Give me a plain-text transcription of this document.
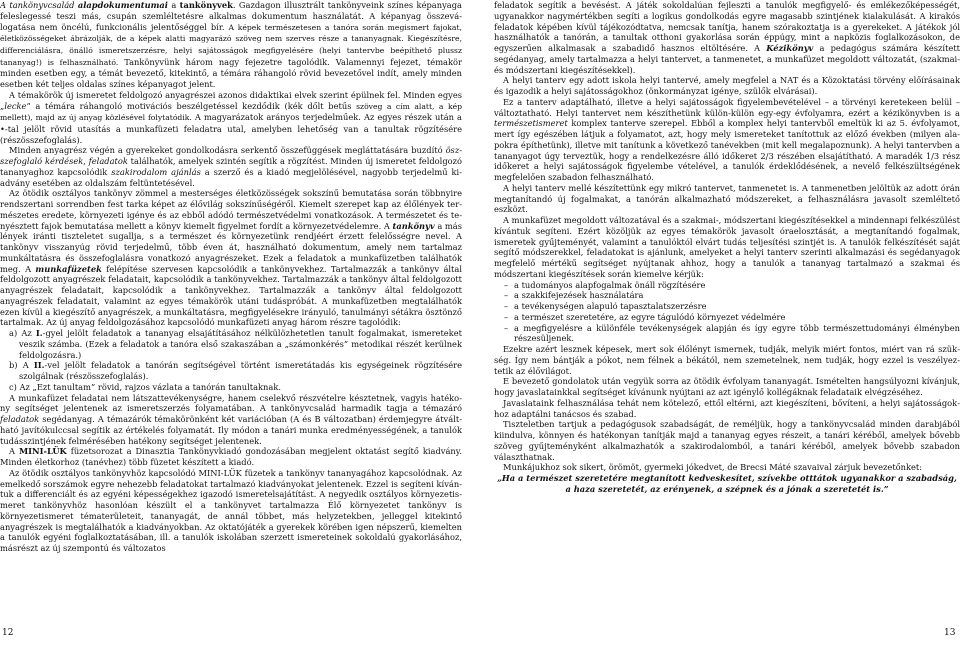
A tankönyvcsalád alapdokumentumai a tankönyvek. Gazdagon illusztrált tankönyveink színes képanyaga feleslegessé teszi más, csupán szemléltetésre alkalmas dokumentum használatát. A képanyag összeválogatása nem öncélú, funkcionális jelentőséggel bír. A képek természetesen a tanóra során megismert fajokat, életközösségeket ábrázolják, de a képek alatti magyarázó szöveg nem szerves része a tananyagnak. Kiegészítésre, differenciálásra, önálló ismeretszerzésre, helyi sajátosságok megfigyelésére (helyi tantervbe beépíthető plussz tananyag!) is felhasználható. Tankönyvünk három nagy fejezetre tagolódik. Valamennyi fejezet, témakör minden esetben egy, a témát bevezető, kitekintő, a témára ráhangoló rövid bevezetővel indít, amely minden esetben két teljes oldalas színes képanyagot jelent.

A témakörök új ismeretet feldolgozó anyagrészei azonos didaktikai elvek szerint épülnek fel. Minden egyes „lecke” a témára ráhangoló motivációs beszélgetéssel kezdődik (kék dőlt betűs szöveg a cím alatt, a kép mellett), majd az új anyag közlésével folytatódik. A magyarázatok arányos terjedelműek. Az egyes részek után a •-tal jelölt rövid utasítás a munkafüzeti feladatra utal, amelyben lehetőség van a tanultak rögzítésére (részösszefoglalás).

Minden anyagrész végén a gyerekeket gondolkodásra serkentő összefüggések megláttatására buzdító öszszefoglaló kérdések, feladatok találhatók, amelyek szintén segítik a rögzítést. Minden új ismeretet feldolgozó tananyaghoz kapcsolódik szakirodalom ajánlás a szerző és a kiadó megjelölésével, nagyobb terjedelmű kiadvány esetében az oldalszám feltüntetésével.

Az ötödik osztályos tankönyv zömmel a mesterséges életközösségek sokszínű bemutatása során többnyire rendszertani sorrendben fest tarka képet az élővilág sokszínűségéről. Kiemelt szerepet kap az élőlények természetes eredete, környezeti igénye és az ebből adódó természetvédelmi vonatkozások. A természetet és tenyésztett fajok bemutatása mellett a könyv kiemelt figyelmet fordít a környezetvédelemre. A tankönyv a más lények iránti tiszteletet sugallja, s a természet és környezetünk rendjéért érzett felelősségre nevel. A tankönyv visszanyúg rövid terjedelmű, több éven át, használható dokumentum, amely nem tartalmaz munkáltatásra és összefoglalásra vonatkozó anyagrészeket. Ezek a feladatok a munkafüzetben találhatók meg. A munkafüzetek felépítése szervesen kapcsolódik a tankönyvekhez. Tartalmazzák a tankönyv által feldolgozott anyagrészek feladatait, kapcsolódik a tankönyvekhez. Tartalmazzák a tankönyv által feldolgozott anyagrészek feladatait, kapcsolódik a tankönyvekhez. Tartalmazzák a tankönyv által feldolgozott anyagrészek feladatait, valamint az egyes témakörök utáni tudáspróbát. A munkafüzetben megtalálhatók ezen kívül a kiegészítő anyagrészek, a munkáltatásra, megfigyelésekre irányuló, tanulmányi sétákra ösztönző tartalmak. Az új anyag feldolgozásához kapcsolódó munkafüzeti anyag három részre tagolódik:

a) Az I.-gyel jelölt feladatok a tananyag elsajátításához nélkülözhetetlen tanult fogalmakat, ismereteket veszik számba. (Ezek a feladatok a tanóra első szakaszában a „számonkérés” metodikai részét kerülnek feldolgozásra.)
b) A II.-vel jelölt feladatok a tanórán segítségével történt ismeretátadás kis egységeinek rögzítésére szolgálnak (részösszefoglalás).
c) Az „Ezt tanultam” rövid, rajzos vázlata a tanórán tanultaknak.

A munkafüzet feladatai nem látszattevékenységre, hanem cselekvő részvételre késztetnek, vagyis hatékony segítséget jelentenek az ismeretszerzés folyamatában. A tankönyvcsalád harmadik tagja a témazáró feladatok segédanyag. A témazárók témakörönként két variációban (A és B változatban) érdemjegyre átváltható javítókulccsal segítik az értékelés folyamatát. Ily módon a tanári munka eredményességének, a tanulók tudásszintjének felmérésében hatékony segítséget jelentenek.

A MINI-LÜK füzetsorozat a Dinasztia Tankönyvkiadó gondozásában megjelent oktatást segítő kiadvány. Minden életkorhoz (tanévhez) több füzetet készített a kiadó.

Az ötödik osztályos tankönyvhöz kapcsolódó MINI-LÜK füzetek a tankönyv tananyagához kapcsolódnak. Az emelkedő sorszámok egyre nehezebb feladatokat tartalmazó kiadványokat jelentenek. Ezzel is segíteni kívántuk a differenciált és az egyéni képességekhez igazodó ismeretelsajátítást. A negyedik osztályos környezetismeret tankönyvhöz hasonlóan készült el a tankönyvet tartalmazza Élő környezetet tankönyv is környezetismeret tématerületeit, tananyagát, de annál többet, más helyzetekben, jelleggel kitekintő anyagrészek is megtalálhatók a kiadványokban. Az oktatójáték a gyerekek körében igen népszerű, kiemelten a tanulók egyéni foglalkoztatásában, ill. a tanulók iskolában szerzett ismereteinek sokoldalú gyakorlásához, másrészt az új szempontú és változatos

feladatok segítik a bevésést. A játék sokoldalúan fejleszti a tanulók megfigyelő- és emlékezőképességét, ugyanakkor nagymértékben segíti a logikus gondolkodás egyre magasabb szintjének kialakulását. A kirakós feladatok képében kívül tájékozódtatva, nemcsak tanítja, hanem szórakoztatja is a gyerekeket. A játékok jól használhatók a tanórán, a tanultak otthoni gyakorlása során éppúgy, mint a napközis foglalkozásokon, de egyszerűen alkalmasak a szabadidő hasznos eltöltésére. A Kézikönyv a pedagógus számára készített segédanyag, amely tartalmazza a helyi tantervet, a tanmenetet, a munkafüzet megoldott változatát, (szakmai- és módszertani kiegészítésekkel).

A helyi tanterv egy adott iskola helyi tantervé, amely megfelel a NAT és a Közoktatási törvény előírásainak és igazodik a helyi sajátosságokhoz (önkormányzat igénye, szülők elvárásai).

Ez a tanterv adaptálható, illetve a helyi sajátosságok figyelembevételével – a törvényi keretekeen belül – változtatható. Helyi tantervet nem készíthetünk külön-külön egy-egy évfolyamra, ezért a kézikönyvben is a természetismeret komplex tanterve szerepel. Ebből a komplex helyi tantervből emeltük ki az 5. évfolyamot, mert így egészében látjuk a folyamatot, azt, hogy mely ismereteket tanítottuk az előző években (milyen alapokra építhetünk), illetve mit tanítunk a következő tanévekben (mit kell megalapoznunk). A helyi tantervben a tananyagot úgy terveztük, hogy a rendelkezésre álló időkeret 2/3 részében elsajátítható. A maradék 1/3 rész időkeret a helyi sajátosságok figyelembe vételével, a tanulók érdeklődésének, a nevelő felkészültségének megfelelően szabadon felhasználható.

A helyi tanterv mellé készítettünk egy mikró tantervet, tanmenetet is. A tanmenetben jelöltük az adott órán megtanítandó új fogalmakat, a tanórán alkalmazható módszereket, a felhasználásra javasolt szemléltető eszközt.

A munkafüzet megoldott változatával és a szakmai-, módszertani kiegészítésekkel a mindennapi felkészülést kívántuk segíteni. Ezért közöljük az egyes témakörök javasolt óraelosztását, a megtanítandó fogalmak, ismeretek gyűjteményét, valamint a tanulóktól elvárt tudás teljesítési szintjét is. A tanulók felkészítését saját segítő módszerekkel, feladatokat is ajánlunk, amelyeket a helyi tanterv szerinti alkalmazási és segédanyagok megfelelő mértékű segítséget nyújtanak ahhoz, hogy a tanulók a tananyag tartalmazó a szakmai és módszertani kiegészítések során kiemelve kérjük:

– a tudományos alapfogalmak önáll rögzítésére
– a szakkifejezések használatára
– a tevékenységen alapuló tapasztalatszerzésre
– a természet szeretetére, az egyre tágulódó környezet védelmére
– a megfigyelésre a különféle tevékenységek alapján és így egyre több természettudományi élményben részesüljenek.

Ezekre azért lesznek képesek, mert sok élőlényt ismernek, tudják, melyik miért fontos, miért van rá szükség. Így nem bántják a pókot, nem félnek a békától, nem szemetelnek, nem tudják, hogy ezzel is veszélyeztetik az élővilágot.

E bevezető gondolatok után vegyük sorra az ötödik évfolyam tananyagát. Ismételten hangsúlyozni kívánjuk, hogy javaslatainkkal segítséget kívánunk nyújtani az azt igénylő kollégáknak feladataik elvégzéséhez.

Javaslataink felhasználása tehát nem kötelező, ettől eltérni, azt kiegészíteni, bővíteni, a helyi sajátosságokhoz adaptálni tanácsos és szabad.

Tiszteletben tartjuk a pedagógusok szabadságát, de reméljük, hogy a tankönyvcsalád minden darabjából kiindulva, könnyen és hatékonyan tanítják majd a tananyag egyes részeit, a tanári kéréből, amelyek bővebb szöveg gyűjteményként alkalmazhatók a szakirodalomból, a tanári kéréből, amelyek bővebb szabadon választhatnak.

Munkájukhoz sok sikert, örömöt, gyermeki jókedvet, de Brecsi Máté szavaival zárjuk bevezetőnket:

„Ha a természet szeretetére megtanított kedveskesítet, szívekbe otttátok ugyanakkor a szabadság,

a haza szeretetét, az erényenek, a szépnek és a jónak a szeretetét is.”

12	13
